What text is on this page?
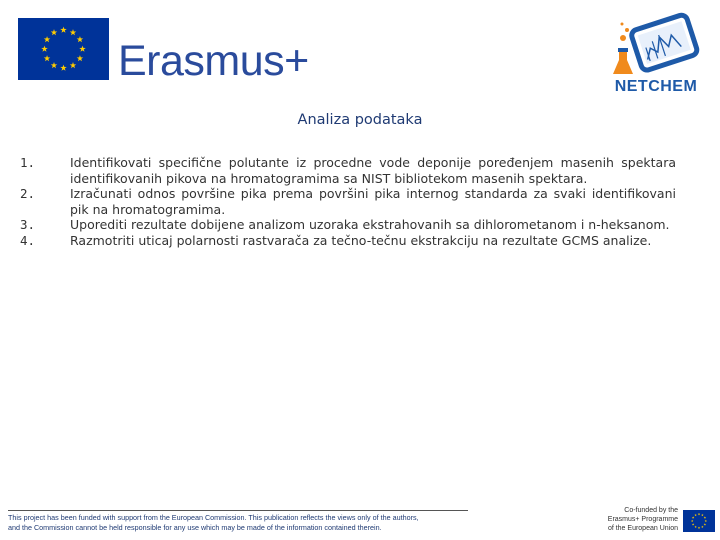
Erasmus+
NETCHEM
Analiza podataka
1.	Identifikovati specifične polutante iz procedne vode deponije poređenjem masenih spektara identifikovanih pikova na hromatogramima sa NIST bibliotekom masenih spektara.
2.	Izračunati odnos površine pika prema površini pika internog standarda za svaki identifikovani pik na hromatogramima.
3.	Uporediti rezultate dobijene analizom uzoraka ekstrahovanih sa dihlorometanom i n-heksanom.
4.	Razmotriti uticaj polarnosti rastvarača za tečno-tečnu ekstrakciju na rezultate GCMS analize.
This project has been funded with support from the European Commission. This publication reflects the views only of the authors,
and the Commission cannot be held responsible for any use which may be made of the information contained therein.
Co-funded by the
Erasmus+ Programme
of the European Union
